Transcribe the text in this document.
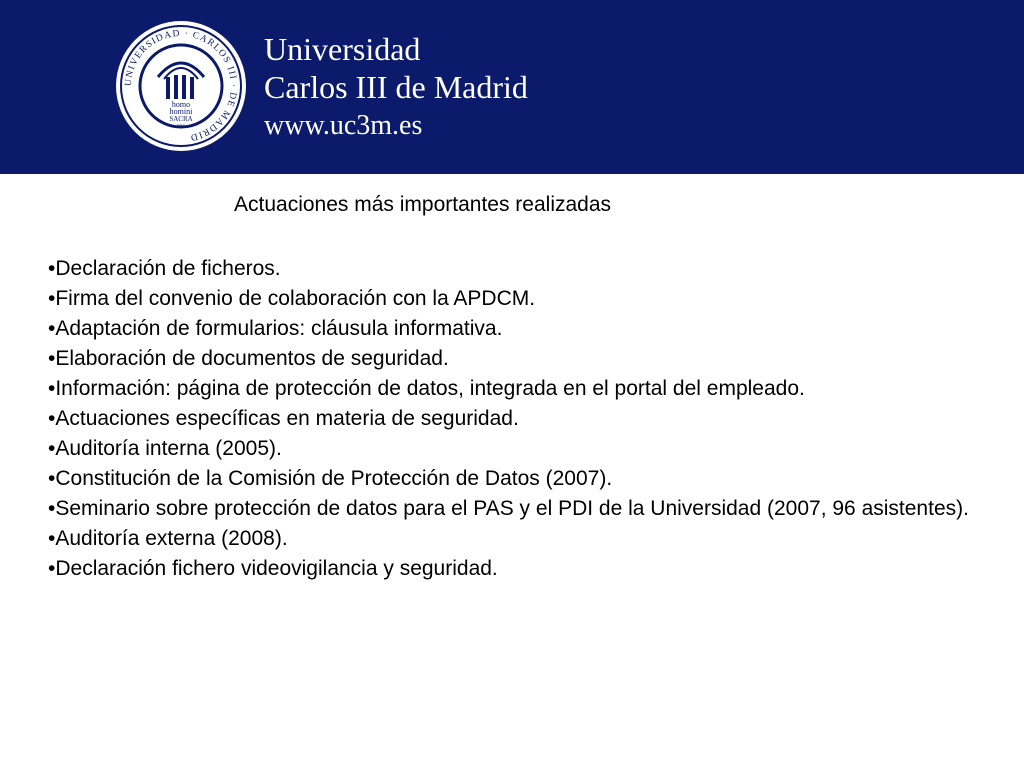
UNIVERSIDAD · CARLOS III · DE MADRID
homo
homini
SACRA
res
Universidad
Carlos III de Madrid
www.uc3m.es
Actuaciones más importantes realizadas
•Declaración de ficheros.
•Firma del convenio de colaboración con la APDCM.
•Adaptación de formularios: cláusula informativa.
•Elaboración de documentos de seguridad.
•Información: página de protección de datos, integrada en el portal del empleado.
•Actuaciones específicas en materia de seguridad.
•Auditoría interna (2005).
•Constitución de la Comisión de Protección de Datos (2007).
•Seminario sobre protección de datos para el PAS y el PDI de la Universidad (2007, 96 asistentes).
•Auditoría externa (2008).
•Declaración fichero videovigilancia y seguridad.
